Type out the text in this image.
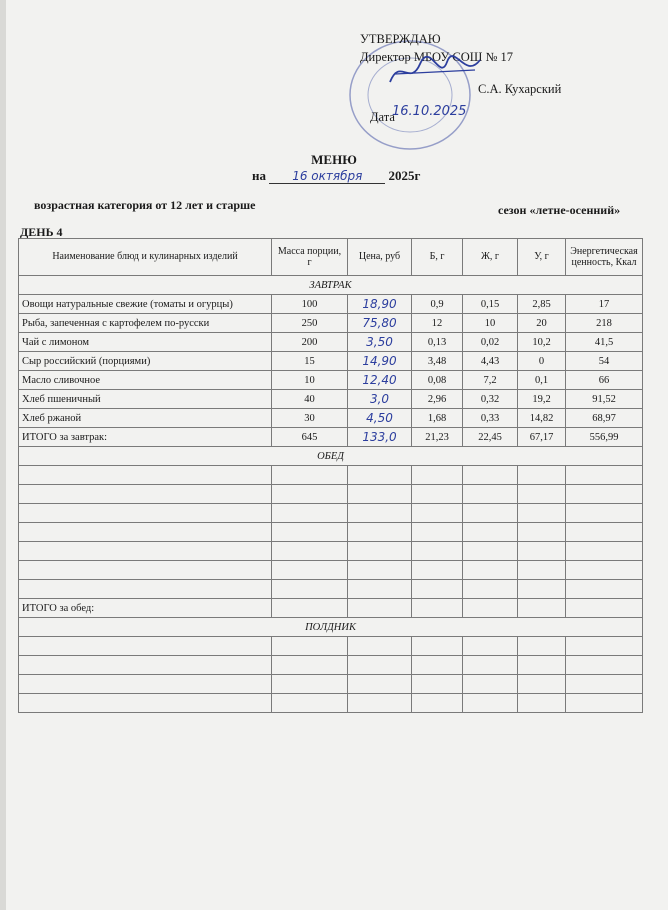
УТВЕРЖДАЮ
Директор МБОУ СОШ № 17
С.А. Кухарский
Дата
16.10.2025
МЕНЮ
на 16 октября 2025г
возрастная категория от 12 лет и старше	сезон «летне-осенний»
ДЕНЬ 4
Наименование блюд и кулинарных изделий	Масса порции, г	Цена, руб	Б, г	Ж, г	У, г	Энергетическая ценность, Ккал
ЗАВТРАК						
Овощи натуральные свежие (томаты и огурцы)	100	18,90	0,9	0,15	2,85	17
Рыба, запеченная с картофелем по-русски	250	75,80	12	10	20	218
Чай с лимоном	200	3,50	0,13	0,02	10,2	41,5
Сыр российский (порциями)	15	14,90	3,48	4,43	0	54
Масло сливочное	10	12,40	0,08	7,2	0,1	66
Хлеб пшеничный	40	3,0	2,96	0,32	19,2	91,52
Хлеб ржаной	30	4,50	1,68	0,33	14,82	68,97
ИТОГО за завтрак:	645	133,0	21,23	22,45	67,17	556,99
ОБЕД						

ИТОГО за обед:						
ПОЛДНИК						
